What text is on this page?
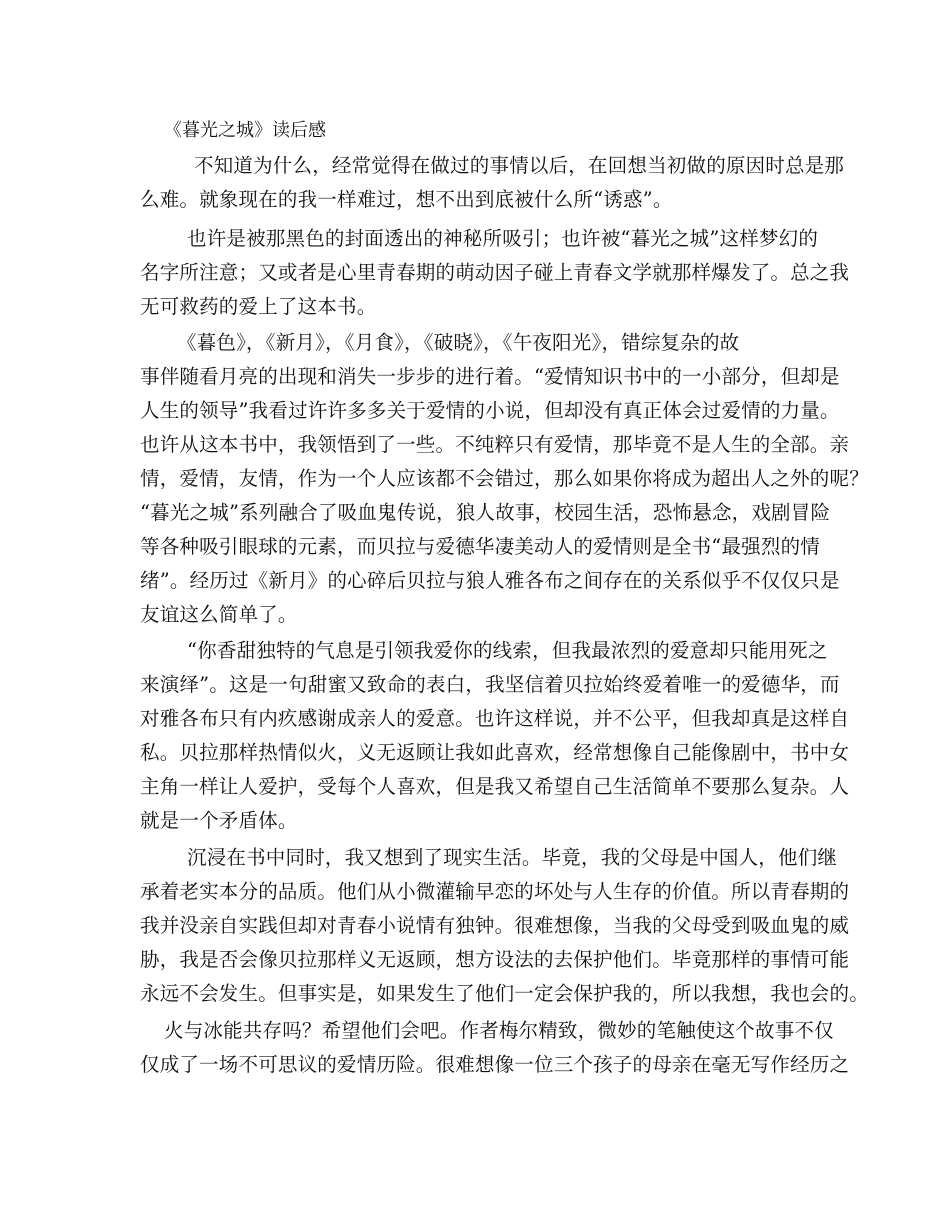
《暮光之城》读后感
不知道为什么，经常觉得在做过的事情以后，在回想当初做的原因时总是那
么难。就象现在的我一样难过，想不出到底被什么所“诱惑”。
也许是被那黑色的封面透出的神秘所吸引；也许被“暮光之城”这样梦幻的
名字所注意；又或者是心里青春期的萌动因子碰上青春文学就那样爆发了。总之我
无可救药的爱上了这本书。
《暮色》，《新月》，《月食》，《破晓》，《午夜阳光》，错综复杂的故
事伴随看月亮的出现和消失一步步的进行着。“爱情知识书中的一小部分，但却是
人生的领导”我看过许许多多关于爱情的小说，但却没有真正体会过爱情的力量。
也许从这本书中，我领悟到了一些。不纯粹只有爱情，那毕竟不是人生的全部。亲
情，爱情，友情，作为一个人应该都不会错过，那么如果你将成为超出人之外的呢？
“暮光之城”系列融合了吸血鬼传说，狼人故事，校园生活，恐怖悬念，戏剧冒险
等各种吸引眼球的元素，而贝拉与爱德华凄美动人的爱情则是全书“最强烈的情
绪”。经历过《新月》的心碎后贝拉与狼人雅各布之间存在的关系似乎不仅仅只是
友谊这么简单了。
“你香甜独特的气息是引领我爱你的线索，但我最浓烈的爱意却只能用死之
来演绎”。这是一句甜蜜又致命的表白，我坚信着贝拉始终爱着唯一的爱德华，而
对雅各布只有内疚感谢成亲人的爱意。也许这样说，并不公平，但我却真是这样自
私。贝拉那样热情似火，义无返顾让我如此喜欢，经常想像自己能像剧中，书中女
主角一样让人爱护，受每个人喜欢，但是我又希望自己生活简单不要那么复杂。人
就是一个矛盾体。
沉浸在书中同时，我又想到了现实生活。毕竟，我的父母是中国人，他们继
承着老实本分的品质。他们从小微灌输早恋的坏处与人生存的价值。所以青春期的
我并没亲自实践但却对青春小说情有独钟。很难想像，当我的父母受到吸血鬼的威
胁，我是否会像贝拉那样义无返顾，想方设法的去保护他们。毕竟那样的事情可能
永远不会发生。但事实是，如果发生了他们一定会保护我的，所以我想，我也会的。
火与冰能共存吗？希望他们会吧。作者梅尔精致，微妙的笔触使这个故事不仅
仅成了一场不可思议的爱情历险。很难想像一位三个孩子的母亲在毫无写作经历之
